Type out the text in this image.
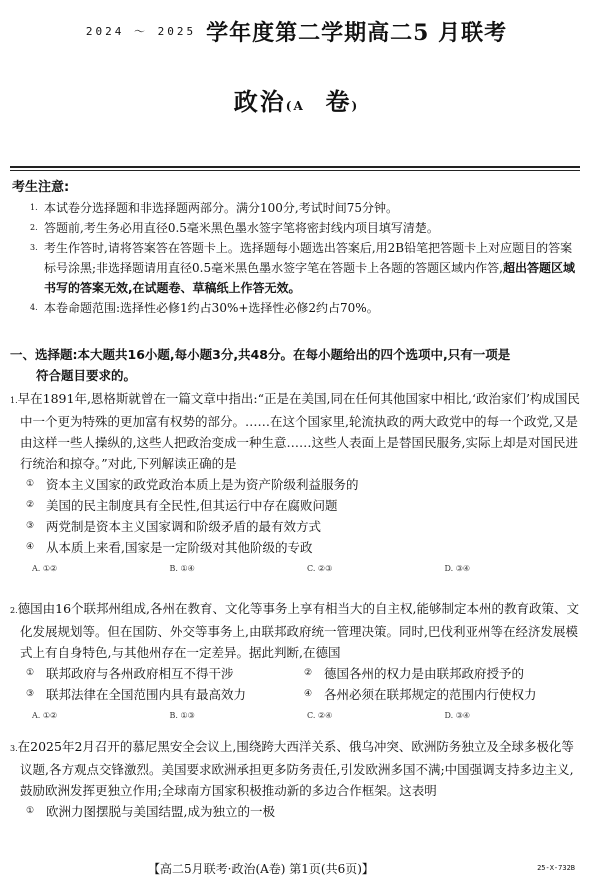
2024 ～ 2025 学年度第二学期高二5 月联考
政治(A 卷)
考生注意:
1. 本试卷分选择题和非选择题两部分。满分100分,考试时间75分钟。
2. 答题前,考生务必用直径0.5毫米黑色墨水签字笔将密封线内项目填写清楚。
3. 考生作答时,请将答案答在答题卡上。选择题每小题选出答案后,用2B铅笔把答题卡上对应题目的答案标号涂黑;非选择题请用直径0.5毫米黑色墨水签字笔在答题卡上各题的答题区域内作答,超出答题区域书写的答案无效,在试题卷、草稿纸上作答无效。
4. 本卷命题范围:选择性必修1约占30%+选择性必修2约占70%。
一、选择题:本大题共16小题,每小题3分,共48分。在每小题给出的四个选项中,只有一项是
符合题目要求的。
1.早在1891年,恩格斯就曾在一篇文章中指出:“正是在美国,同在任何其他国家中相比,‘政治家们’构成国民中一个更为特殊的更加富有权势的部分。……在这个国家里,轮流执政的两大政党中的每一个政党,又是由这样一些人操纵的,这些人把政治变成一种生意……这些人表面上是替国民服务,实际上却是对国民进行统治和掠夺。”对此,下列解读正确的是
① 资本主义国家的政党政治本质上是为资产阶级利益服务的
② 美国的民主制度具有全民性,但其运行中存在腐败问题
③ 两党制是资本主义国家调和阶级矛盾的最有效方式
④ 从本质上来看,国家是一定阶级对其他阶级的专政
A. ①②	B. ①④	C. ②③	D. ③④
2.德国由16个联邦州组成,各州在教育、文化等事务上享有相当大的自主权,能够制定本州的教育政策、文化发展规划等。但在国防、外交等事务上,由联邦政府统一管理决策。同时,巴伐利亚州等在经济发展模式上有自身特色,与其他州存在一定差异。据此判断,在德国
① 联邦政府与各州政府相互不得干涉	② 德国各州的权力是由联邦政府授予的
③ 联邦法律在全国范围内具有最高效力	④ 各州必须在联邦规定的范围内行使权力
A. ①②	B. ①③	C. ②④	D. ③④
3.在2025年2月召开的慕尼黑安全会议上,围绕跨大西洋关系、俄乌冲突、欧洲防务独立及全球多极化等议题,各方观点交锋激烈。美国要求欧洲承担更多防务责任,引发欧洲多国不满;中国强调支持多边主义,鼓励欧洲发挥更独立作用;全球南方国家积极推动新的多边合作框架。这表明
① 欧洲力图摆脱与美国结盟,成为独立的一极
【高二5月联考·政治(A卷) 第1页(共6页)】	25-X-732B
